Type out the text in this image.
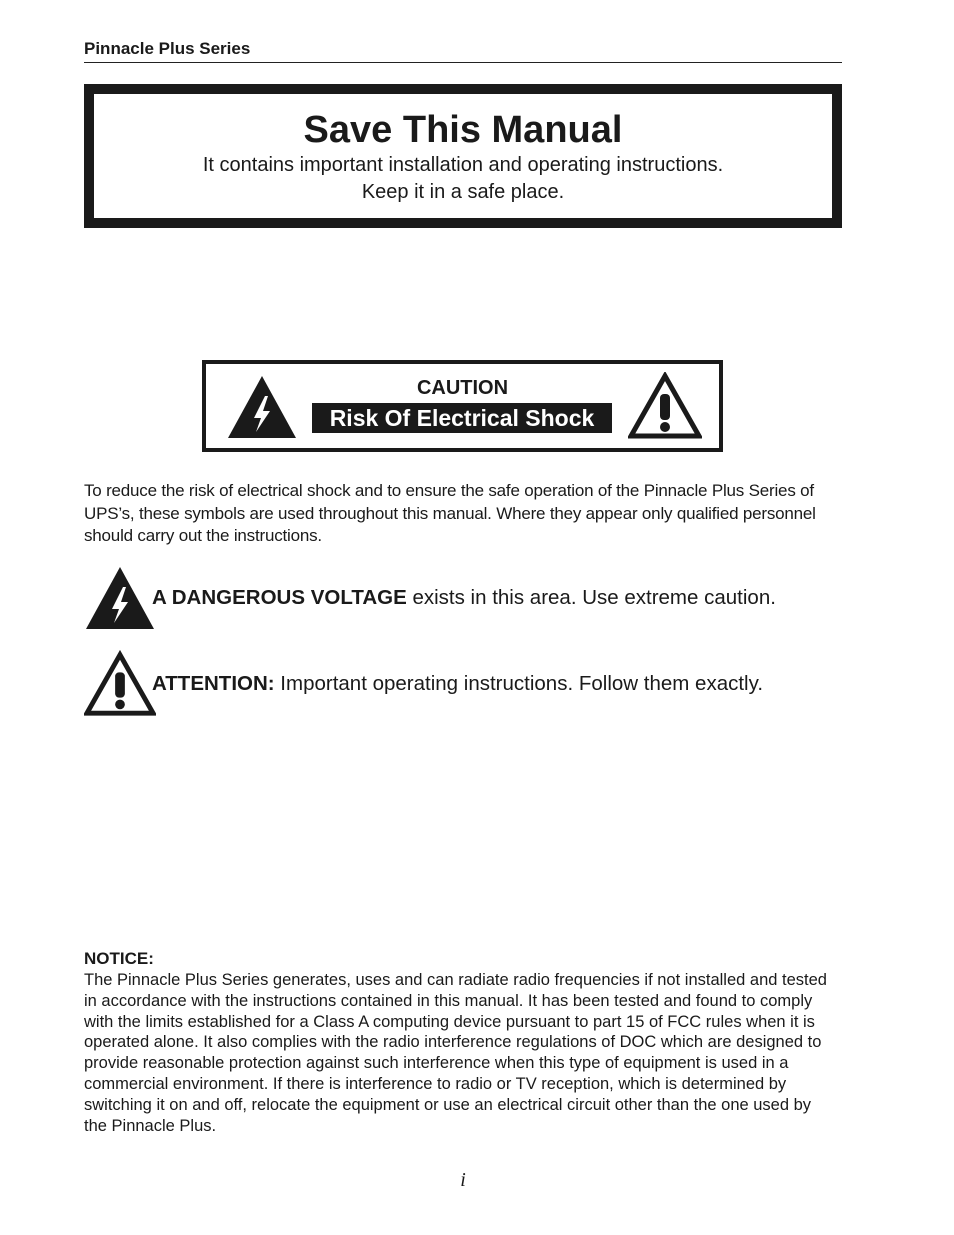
Pinnacle Plus Series
Save This Manual
It contains important installation and operating instructions.
Keep it in a safe place.
CAUTION
Risk Of Electrical Shock
To reduce the risk of electrical shock and to ensure the safe operation of the Pinnacle Plus Series of UPS’s, these symbols are used throughout this manual. Where they appear only qualified personnel should carry out the instructions.
A DANGEROUS VOLTAGE exists in this area. Use extreme caution.
ATTENTION: Important operating instructions. Follow them exactly.
NOTICE:
The Pinnacle Plus Series generates, uses and can radiate radio frequencies if not installed and tested in accordance with the instructions contained in this manual. It has been tested and found to comply with the limits established for a Class A computing device pursuant to part 15 of FCC rules when it is operated alone. It also complies with the radio interference regulations of DOC which are designed to provide reasonable protection against such interference when this type of equipment is used in a commercial environment. If there is interference to radio or TV reception, which is determined by switching it on and off, relocate the equipment or use an electrical circuit other than the one used by the Pinnacle Plus.
i
